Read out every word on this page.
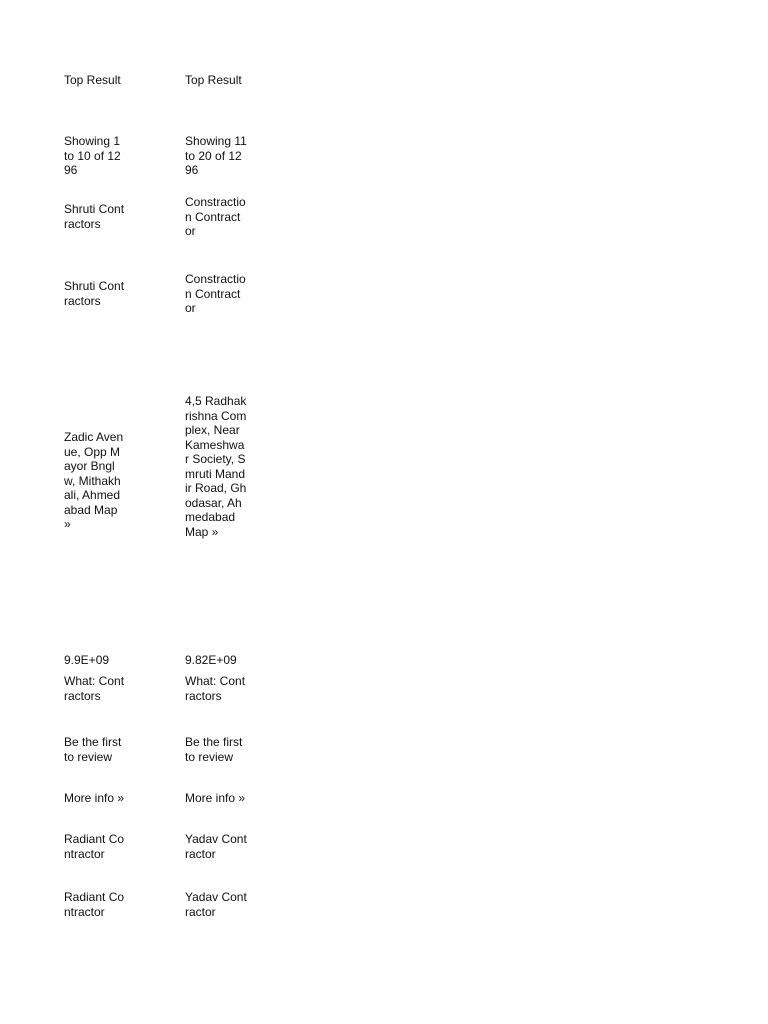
Top Result
Showing 1 to 10 of 1296
Shruti Contractors
Shruti Contractors
Zadic Avenue, Opp Mayor Bnglw, Mithakhali, Ahmedabad Map »
9.9E+09
What: Contractors
Be the first to review
More info »
Radiant Contractor
Radiant Contractor
Top Result
Showing 11 to 20 of 1296
Constraction Contractor
Constraction Contractor
4,5 Radhakrishna Complex, Near Kameshwar Society, Smruti Mandir Road, Ghodasar, Ahmedabad Map »
9.82E+09
What: Contractors
Be the first to review
More info »
Yadav Contractor
Yadav Contractor
